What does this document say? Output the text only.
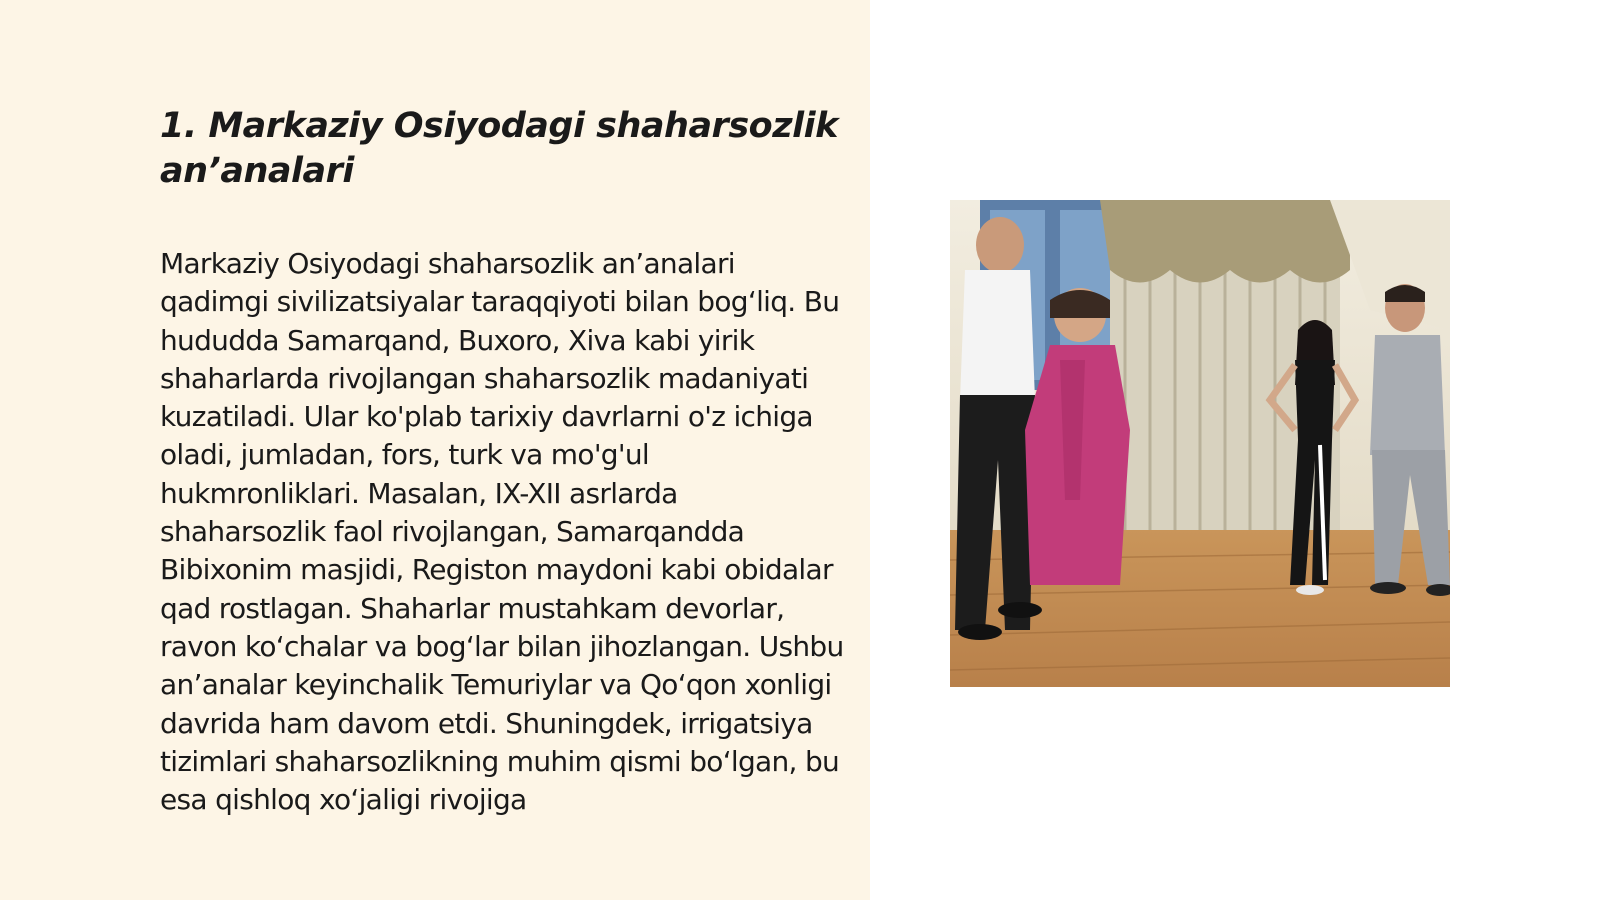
1. Markaziy Osiyodagi shaharsozlik an’analari

Markaziy Osiyodagi shaharsozlik an’analari qadimgi sivilizatsiyalar taraqqiyoti bilan bog‘liq. Bu hududda Samarqand, Buxoro, Xiva kabi yirik shaharlarda rivojlangan shaharsozlik madaniyati kuzatiladi. Ular ko'plab tarixiy davrlarni o'z ichiga oladi, jumladan, fors, turk va mo'g'ul hukmronliklari. Masalan, IX-XII asrlarda shaharsozlik faol rivojlangan, Samarqandda Bibixonim masjidi, Registon maydoni kabi obidalar qad rostlagan. Shaharlar mustahkam devorlar, ravon ko‘chalar va bog‘lar bilan jihozlangan. Ushbu an’analar keyinchalik Temuriylar va Qo‘qon xonligi davrida ham davom etdi. Shuningdek, irrigatsiya tizimlari shaharsozlikning muhim qismi bo‘lgan, bu esa qishloq xo‘jaligi rivojiga
